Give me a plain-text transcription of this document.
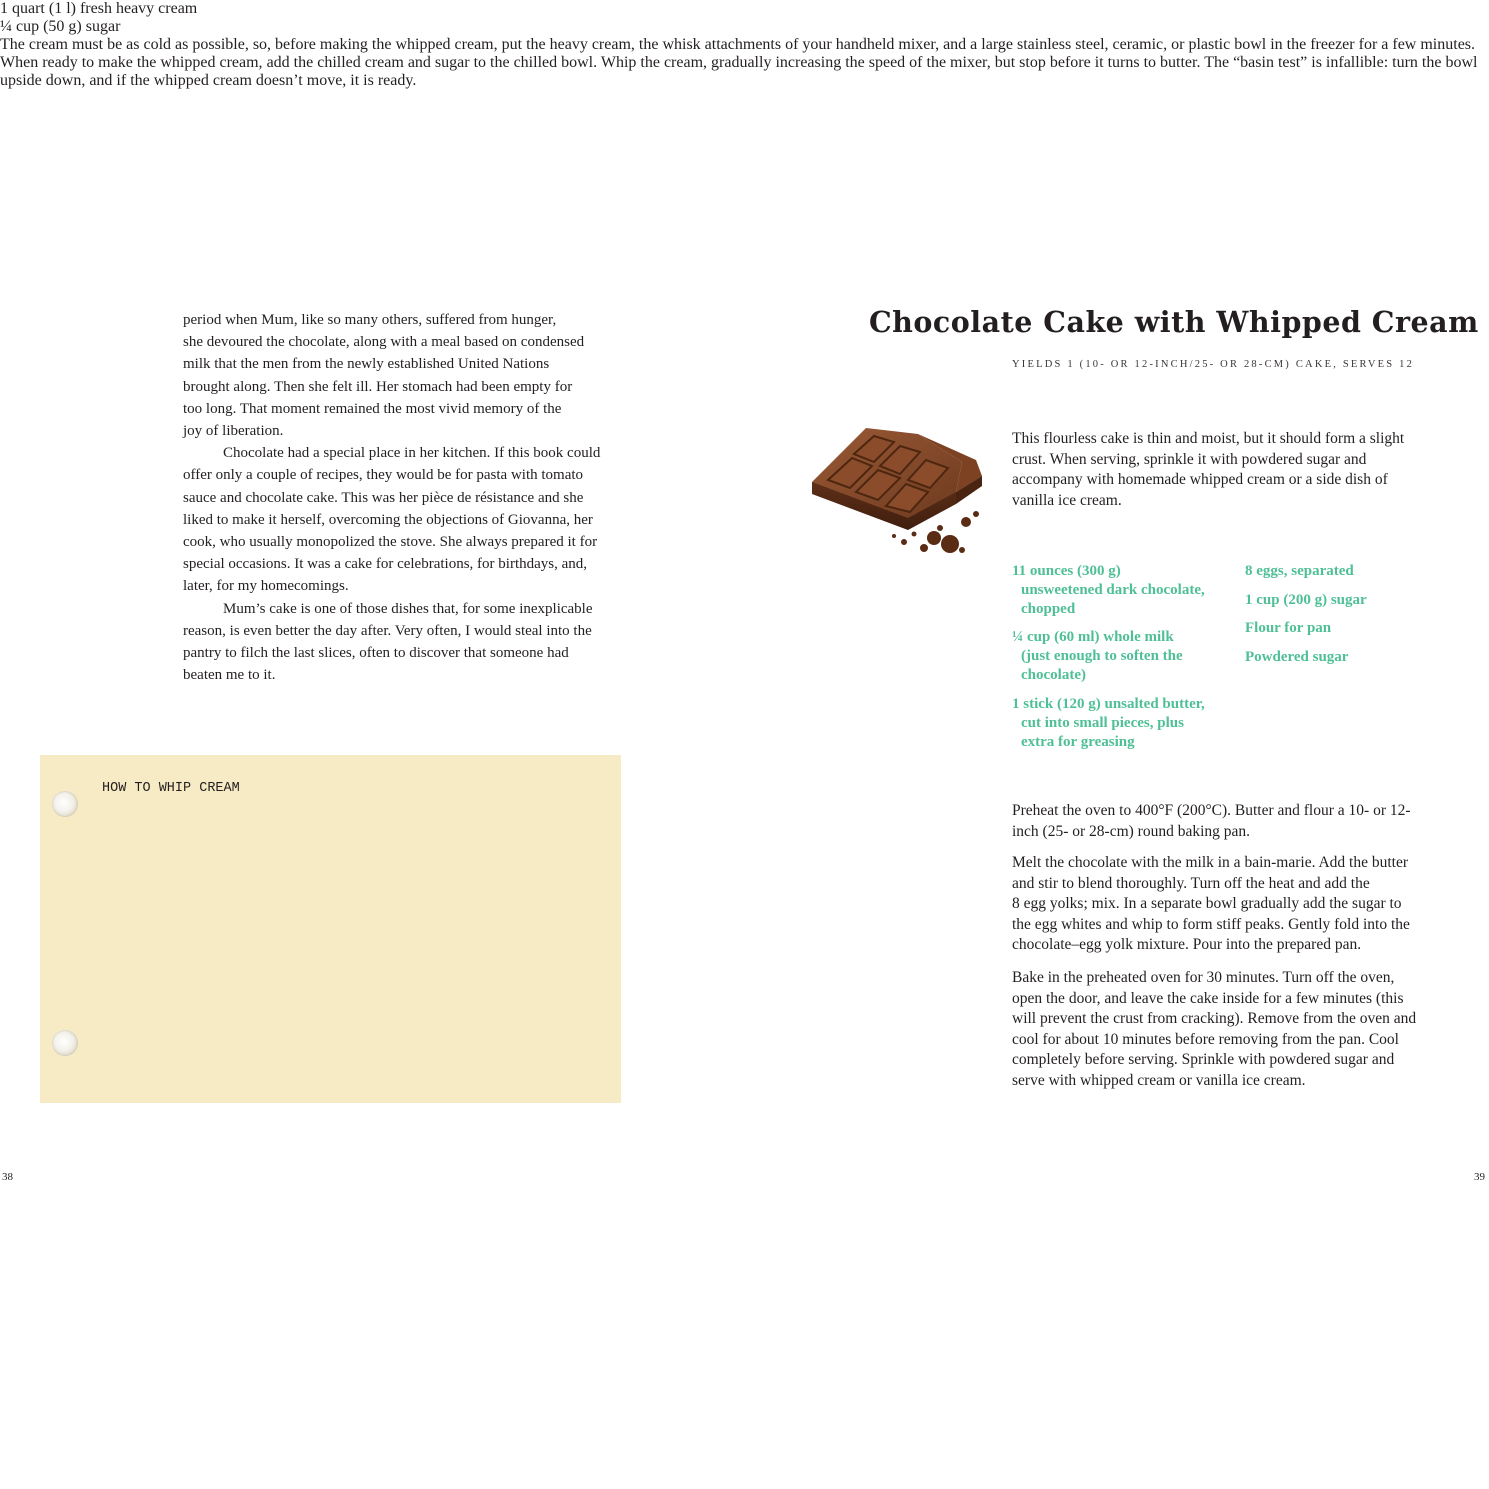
period when Mum, like so many others, suffered from hunger,
she devoured the chocolate, along with a meal based on condensed
milk that the men from the newly established United Nations
brought along. Then she felt ill. Her stomach had been empty for
too long. That moment remained the most vivid memory of the
joy of liberation.

Chocolate had a special place in her kitchen. If this book could
offer only a couple of recipes, they would be for pasta with tomato
sauce and chocolate cake. This was her pièce de résistance and she
liked to make it herself, overcoming the objections of Giovanna, her
cook, who usually monopolized the stove. She always prepared it for
special occasions. It was a cake for celebrations, for birthdays, and,
later, for my homecomings.

Mum’s cake is one of those dishes that, for some inexplicable
reason, is even better the day after. Very often, I would steal into the
pantry to filch the last slices, often to discover that someone had
beaten me to it.

HOW TO WHIP CREAM
1 quart (1 l) fresh heavy cream
¼ cup (50 g) sugar
The cream must be as cold as possible, so, before making the whipped cream, put the heavy cream, the whisk attachments of your handheld mixer, and a large stainless steel, ceramic, or plastic bowl in the freezer for a few minutes. When ready to make the whipped cream, add the chilled cream and sugar to the chilled bowl. Whip the cream, gradually increasing the speed of the mixer, but stop before it turns to butter. The “basin test” is infallible: turn the bowl upside down, and if the whipped cream doesn’t move, it is ready.
38
Chocolate Cake with Whipped Cream
YIELDS 1 (10- OR 12-INCH/25- OR 28-CM) CAKE, SERVES 12
This flourless cake is thin and moist, but it should form a slight
crust. When serving, sprinkle it with powdered sugar and
accompany with homemade whipped cream or a side dish of
vanilla ice cream.
11 ounces (300 g)
unsweetened dark chocolate,
chopped
¼ cup (60 ml) whole milk
(just enough to soften the
chocolate)
1 stick (120 g) unsalted butter,
cut into small pieces, plus
extra for greasing
8 eggs, separated
1 cup (200 g) sugar
Flour for pan
Powdered sugar
Preheat the oven to 400°F (200°C). Butter and flour a 10- or 12-
inch (25- or 28-cm) round baking pan.
Melt the chocolate with the milk in a bain-marie. Add the butter
and stir to blend thoroughly. Turn off the heat and add the
8 egg yolks; mix. In a separate bowl gradually add the sugar to
the egg whites and whip to form stiff peaks. Gently fold into the
chocolate–egg yolk mixture. Pour into the prepared pan.
Bake in the preheated oven for 30 minutes. Turn off the oven,
open the door, and leave the cake inside for a few minutes (this
will prevent the crust from cracking). Remove from the oven and
cool for about 10 minutes before removing from the pan. Cool
completely before serving. Sprinkle with powdered sugar and
serve with whipped cream or vanilla ice cream.
39
